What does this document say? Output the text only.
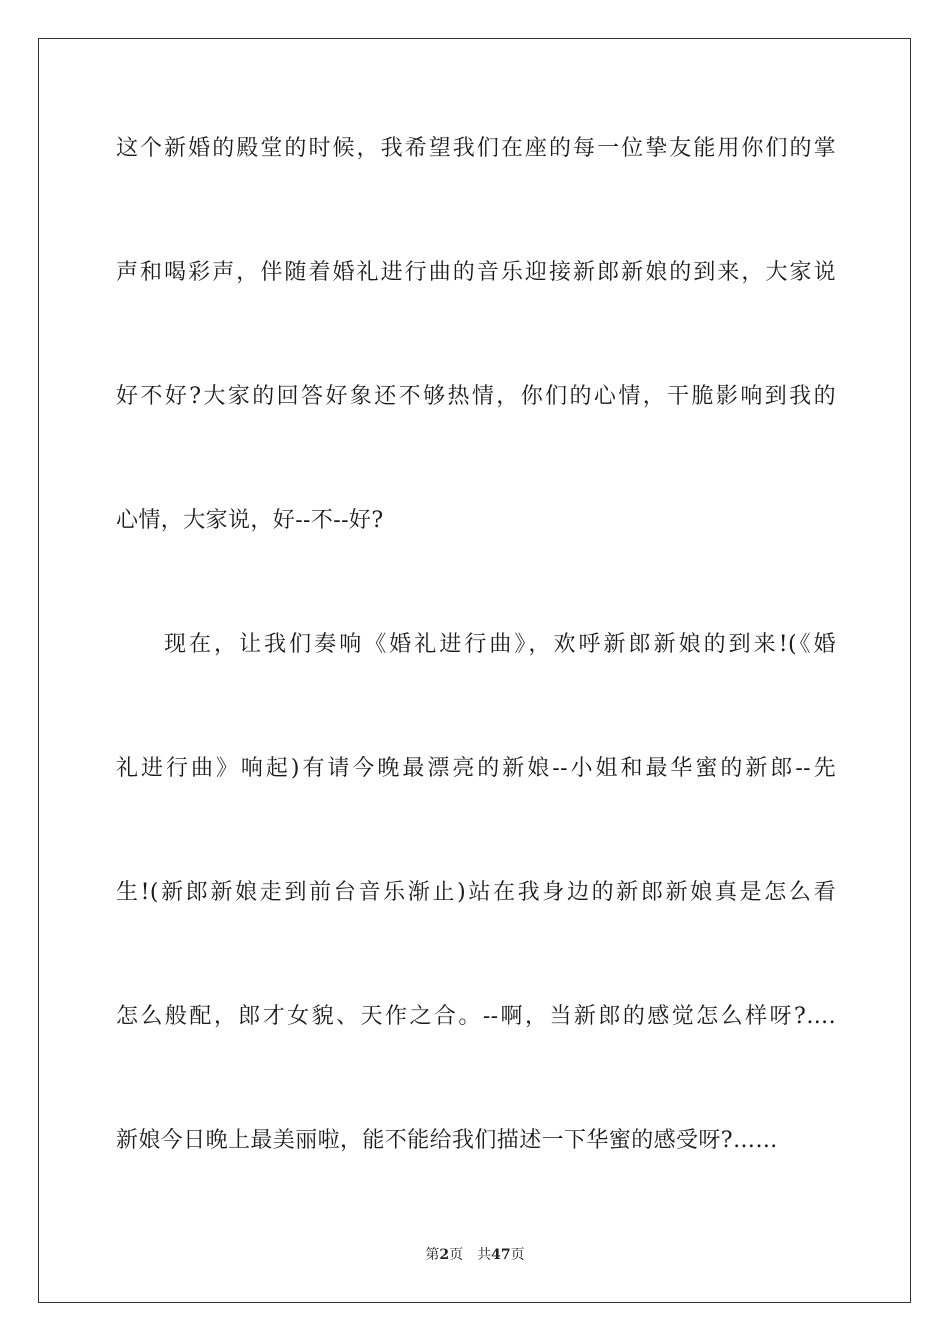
这个新婚的殿堂的时候，我希望我们在座的每一位挚友能用你们的掌
声和喝彩声，伴随着婚礼进行曲的音乐迎接新郎新娘的到来，大家说
好不好?大家的回答好象还不够热情，你们的心情，干脆影响到我的
心情，大家说，好--不--好?
现在，让我们奏响《婚礼进行曲》，欢呼新郎新娘的到来!(《婚
礼进行曲》响起)有请今晚最漂亮的新娘--小姐和最华蜜的新郎--先
生!(新郎新娘走到前台音乐渐止)站在我身边的新郎新娘真是怎么看
怎么般配，郎才女貌、天作之合。--啊，当新郎的感觉怎么样呀?….
新娘今日晚上最美丽啦，能不能给我们描述一下华蜜的感受呀?……
第2页 共47页
